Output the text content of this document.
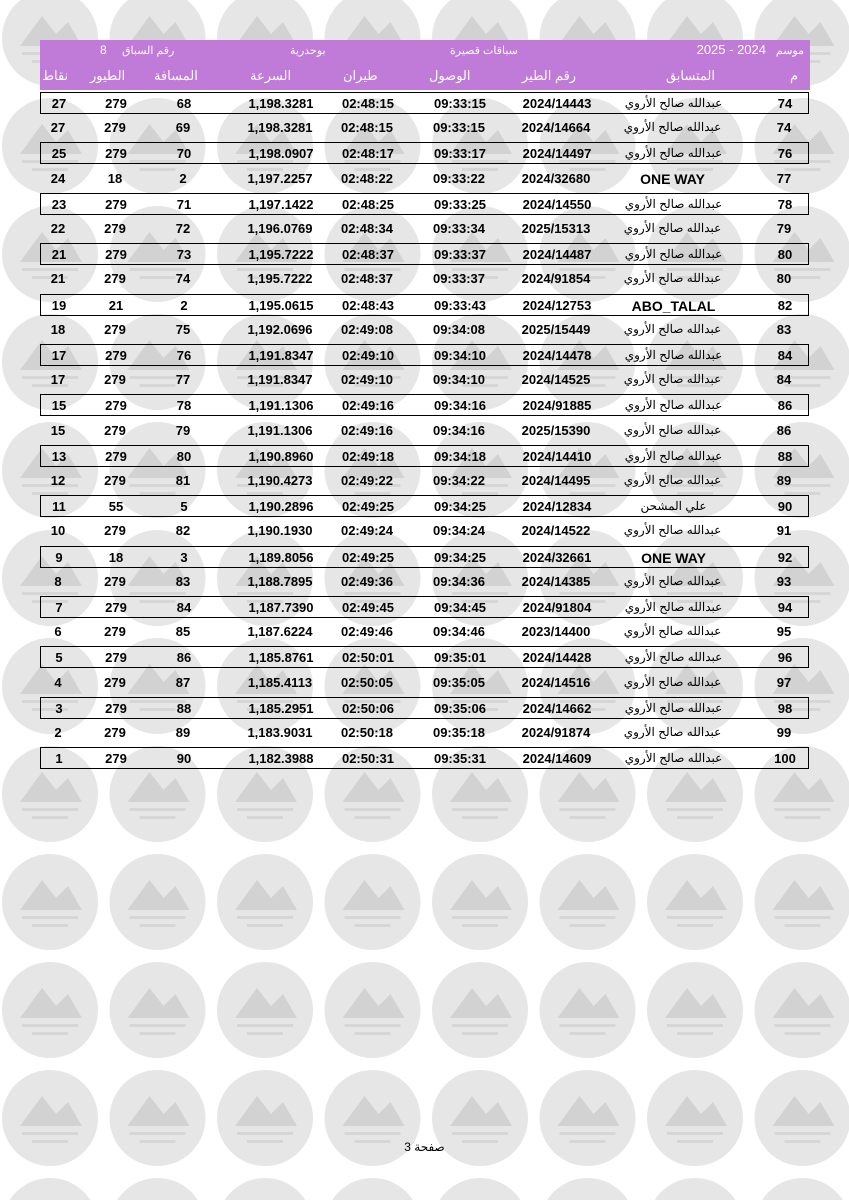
موسم
2025 - 2024
سباقات قصيرة
بوحدرية
رقم السباق
8
م
المتسابق
رقم الطير
الوصول
طيران
السرعة
المسافة
الطيور
نقاط
74
عبدالله صالح الأروي
2024/14443
09:33:15
02:48:15
1,198.3281
68
279
27
74
عبدالله صالح الأروي
2024/14664
09:33:15
02:48:15
1,198.3281
69
279
27
76
عبدالله صالح الأروي
2024/14497
09:33:17
02:48:17
1,198.0907
70
279
25
77
ONE WAY
2024/32680
09:33:22
02:48:22
1,197.2257
2
18
24
78
عبدالله صالح الأروي
2024/14550
09:33:25
02:48:25
1,197.1422
71
279
23
79
عبدالله صالح الأروي
2025/15313
09:33:34
02:48:34
1,196.0769
72
279
22
80
عبدالله صالح الأروي
2024/14487
09:33:37
02:48:37
1,195.7222
73
279
21
80
عبدالله صالح الأروي
2024/91854
09:33:37
02:48:37
1,195.7222
74
279
21
82
ABO_TALAL
2024/12753
09:33:43
02:48:43
1,195.0615
2
21
19
83
عبدالله صالح الأروي
2025/15449
09:34:08
02:49:08
1,192.0696
75
279
18
84
عبدالله صالح الأروي
2024/14478
09:34:10
02:49:10
1,191.8347
76
279
17
84
عبدالله صالح الأروي
2024/14525
09:34:10
02:49:10
1,191.8347
77
279
17
86
عبدالله صالح الأروي
2024/91885
09:34:16
02:49:16
1,191.1306
78
279
15
86
عبدالله صالح الأروي
2025/15390
09:34:16
02:49:16
1,191.1306
79
279
15
88
عبدالله صالح الأروي
2024/14410
09:34:18
02:49:18
1,190.8960
80
279
13
89
عبدالله صالح الأروي
2024/14495
09:34:22
02:49:22
1,190.4273
81
279
12
90
علي المشحن
2024/12834
09:34:25
02:49:25
1,190.2896
5
55
11
91
عبدالله صالح الأروي
2024/14522
09:34:24
02:49:24
1,190.1930
82
279
10
92
ONE WAY
2024/32661
09:34:25
02:49:25
1,189.8056
3
18
9
93
عبدالله صالح الأروي
2024/14385
09:34:36
02:49:36
1,188.7895
83
279
8
94
عبدالله صالح الأروي
2024/91804
09:34:45
02:49:45
1,187.7390
84
279
7
95
عبدالله صالح الأروي
2023/14400
09:34:46
02:49:46
1,187.6224
85
279
6
96
عبدالله صالح الأروي
2024/14428
09:35:01
02:50:01
1,185.8761
86
279
5
97
عبدالله صالح الأروي
2024/14516
09:35:05
02:50:05
1,185.4113
87
279
4
98
عبدالله صالح الأروي
2024/14662
09:35:06
02:50:06
1,185.2951
88
279
3
99
عبدالله صالح الأروي
2024/91874
09:35:18
02:50:18
1,183.9031
89
279
2
100
عبدالله صالح الأروي
2024/14609
09:35:31
02:50:31
1,182.3988
90
279
1
صفحة 3
